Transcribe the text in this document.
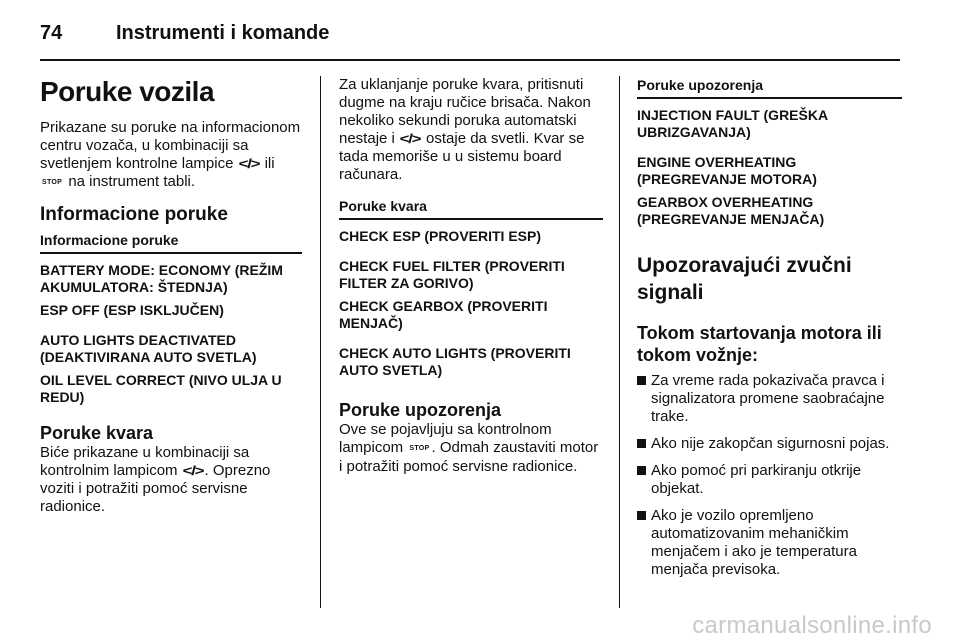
74	Instrumenti i komande
Poruke vozila
Prikazane su poruke na informacionom centru vozača, u kombinaciji sa svetlenjem kontrolne lampice </> ili STOP na instrument tabli.
Informacione poruke
Informacione poruke
BATTERY MODE: ECONOMY (REŽIM AKUMULATORA: ŠTEDNJA)
ESP OFF (ESP ISKLJUČEN)
AUTO LIGHTS DEACTIVATED (DEAKTIVIRANA AUTO SVETLA)
OIL LEVEL CORRECT (NIVO ULJA U REDU)
Poruke kvara
Biće prikazane u kombinaciji sa kontrolnim lampicom </> . Oprezno voziti i potražiti pomoć servisne radionice.
Za uklanjanje poruke kvara, pritisnuti dugme na kraju ručice brisača. Nakon nekoliko sekundi poruka automatski nestaje i </> ostaje da svetli. Kvar se tada memoriše u u sistemu board računara.
Poruke kvara
CHECK ESP (PROVERITI ESP)
CHECK FUEL FILTER (PROVERITI FILTER ZA GORIVO)
CHECK GEARBOX (PROVERITI MENJAČ)
CHECK AUTO LIGHTS (PROVERITI AUTO SVETLA)
Poruke upozorenja
Ove se pojavljuju sa kontrolnom lampicom STOP . Odmah zaustaviti motor i potražiti pomoć servisne radionice.
Poruke upozorenja
INJECTION FAULT (GREŠKA UBRIZGAVANJA)
ENGINE OVERHEATING (PREGREVANJE MOTORA)
GEARBOX OVERHEATING (PREGREVANJE MENJAČA)
Upozoravajući zvučni signali
Tokom startovanja motora ili tokom vožnje:
Za vreme rada pokazivača pravca i signalizatora promene saobraćajne trake.
Ako nije zakopčan sigurnosni pojas.
Ako pomoć pri parkiranju otkrije objekat.
Ako je vozilo opremljeno automatizovanim mehaničkim menjačem i ako je temperatura menjača previsoka.
carmanualsonline.info
